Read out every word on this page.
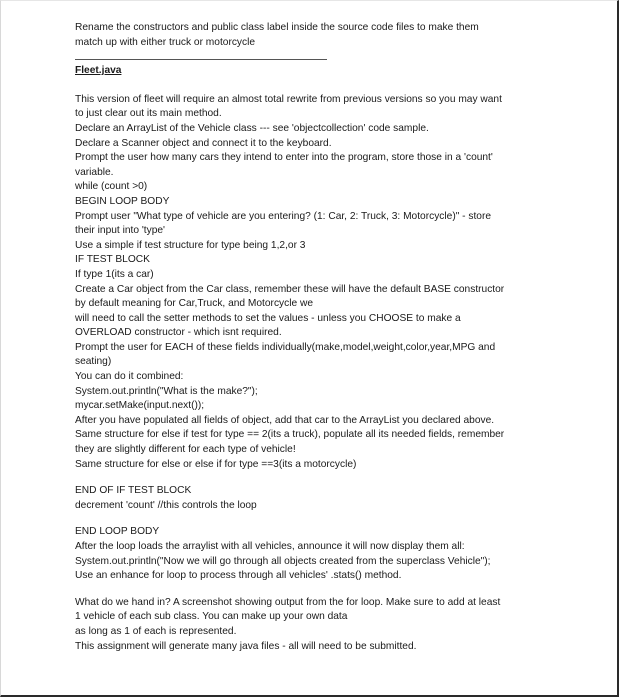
Rename the constructors and public class label inside the source code files to make them
match up with either truck or motorcycle
Fleet.java
This version of fleet will require an almost total rewrite from previous versions so you may want
to just clear out its main method.
Declare an ArrayList of the Vehicle class --- see 'objectcollection' code sample.
Declare a Scanner object and connect it to the keyboard.
Prompt the user how many cars they intend to enter into the program, store those in a 'count'
variable.
while (count >0)
BEGIN LOOP BODY
Prompt user "What type of vehicle are you entering? (1: Car, 2: Truck, 3: Motorcycle)" - store
their input into 'type'
Use a simple if test structure for type being 1,2,or 3
IF TEST BLOCK
If type 1(its a car)
Create a Car object from the Car class, remember these will have the default BASE constructor
by default meaning for Car,Truck, and Motorcycle we
will need to call the setter methods to set the values - unless you CHOOSE to make a
OVERLOAD constructor - which isnt required.
Prompt the user for EACH of these fields individually(make,model,weight,color,year,MPG and
seating)
You can do it combined:
System.out.println("What is the make?");
mycar.setMake(input.next());
After you have populated all fields of object, add that car to the ArrayList you declared above.
Same structure for else if test for type == 2(its a truck), populate all its needed fields, remember
they are slightly different for each type of vehicle!
Same structure for else or else if for type ==3(its a motorcycle)
END OF IF TEST BLOCK
decrement 'count' //this controls the loop
END LOOP BODY
After the loop loads the arraylist with all vehicles, announce it will now display them all:
System.out.println("Now we will go through all objects created from the superclass Vehicle");
Use an enhance for loop to process through all vehicles' .stats() method.
What do we hand in? A screenshot showing output from the for loop. Make sure to add at least
1 vehicle of each sub class. You can make up your own data
as long as 1 of each is represented.
This assignment will generate many java files - all will need to be submitted.
